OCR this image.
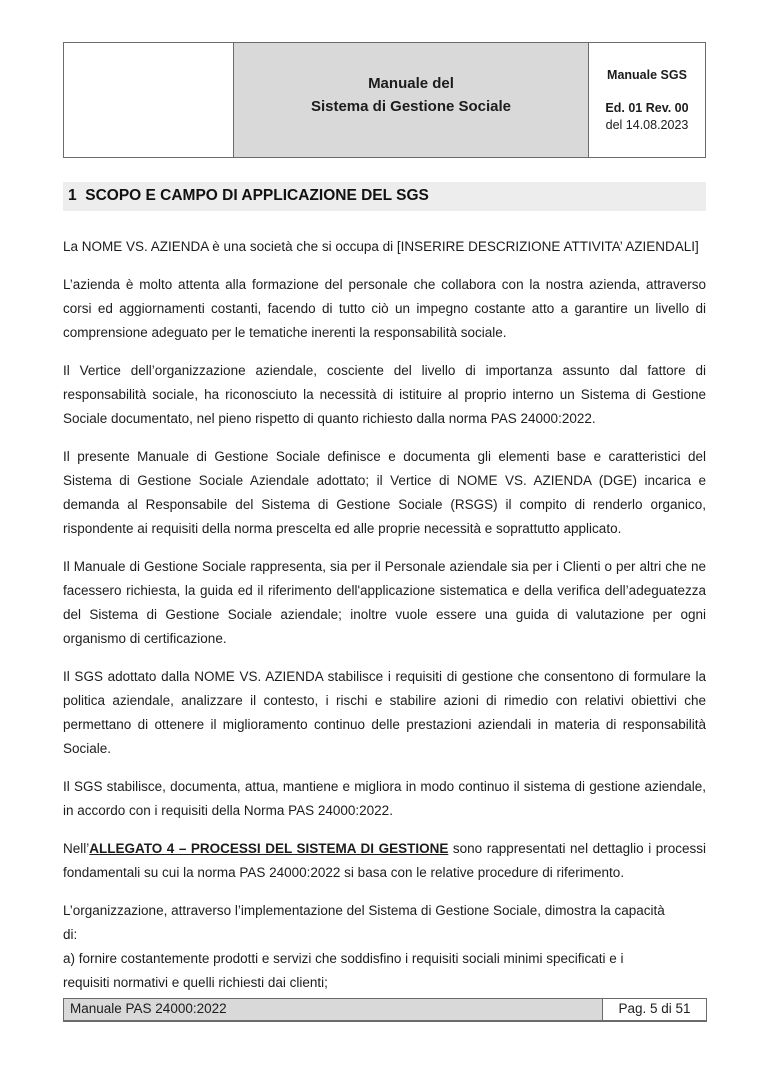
Manuale del
Sistema di Gestione Sociale
Manuale SGS
Ed. 01 Rev. 00
del 14.08.2023
1  SCOPO E CAMPO DI APPLICAZIONE DEL SGS

La NOME VS. AZIENDA è una società che si occupa di [INSERIRE DESCRIZIONE ATTIVITA’ AZIENDALI]

L’azienda è molto attenta alla formazione del personale che collabora con la nostra azienda, attraverso corsi ed aggiornamenti costanti, facendo di tutto ciò un impegno costante atto a garantire un livello di comprensione adeguato per le tematiche inerenti la responsabilità sociale.

Il Vertice dell’organizzazione aziendale, cosciente del livello di importanza assunto dal fattore di responsabilità sociale, ha riconosciuto la necessità di istituire al proprio interno un Sistema di Gestione Sociale documentato, nel pieno rispetto di quanto richiesto dalla norma PAS 24000:2022.

Il presente Manuale di Gestione Sociale definisce e documenta gli elementi base e caratteristici del Sistema di Gestione Sociale Aziendale adottato; il Vertice di NOME VS. AZIENDA (DGE) incarica e demanda al Responsabile del Sistema di Gestione Sociale (RSGS) il compito di renderlo organico, rispondente ai requisiti della norma prescelta ed alle proprie necessità e soprattutto applicato.

Il Manuale di Gestione Sociale rappresenta, sia per il Personale aziendale sia per i Clienti o per altri che ne facessero richiesta, la guida ed il riferimento dell'applicazione sistematica e della verifica dell’adeguatezza del Sistema di Gestione Sociale aziendale; inoltre vuole essere una guida di valutazione per ogni organismo di certificazione.

Il SGS adottato dalla NOME VS. AZIENDA stabilisce i requisiti di gestione che consentono di formulare la politica aziendale, analizzare il contesto, i rischi e stabilire azioni di rimedio con relativi obiettivi che permettano di ottenere il miglioramento continuo delle prestazioni aziendali in materia di responsabilità Sociale.

Il SGS stabilisce, documenta, attua, mantiene e migliora in modo continuo il sistema di gestione aziendale, in accordo con i requisiti della Norma PAS 24000:2022.

Nell’ALLEGATO 4 – PROCESSI DEL SISTEMA DI GESTIONE sono rappresentati nel dettaglio i processi fondamentali su cui la norma PAS 24000:2022 si basa con le relative procedure di riferimento.

L’organizzazione, attraverso l’implementazione del Sistema di Gestione Sociale, dimostra la capacità
di:
a) fornire costantemente prodotti e servizi che soddisfino i requisiti sociali minimi specificati e i
requisiti normativi e quelli richiesti dai clienti;

Manuale PAS 24000:2022	Pag. 5 di 51
